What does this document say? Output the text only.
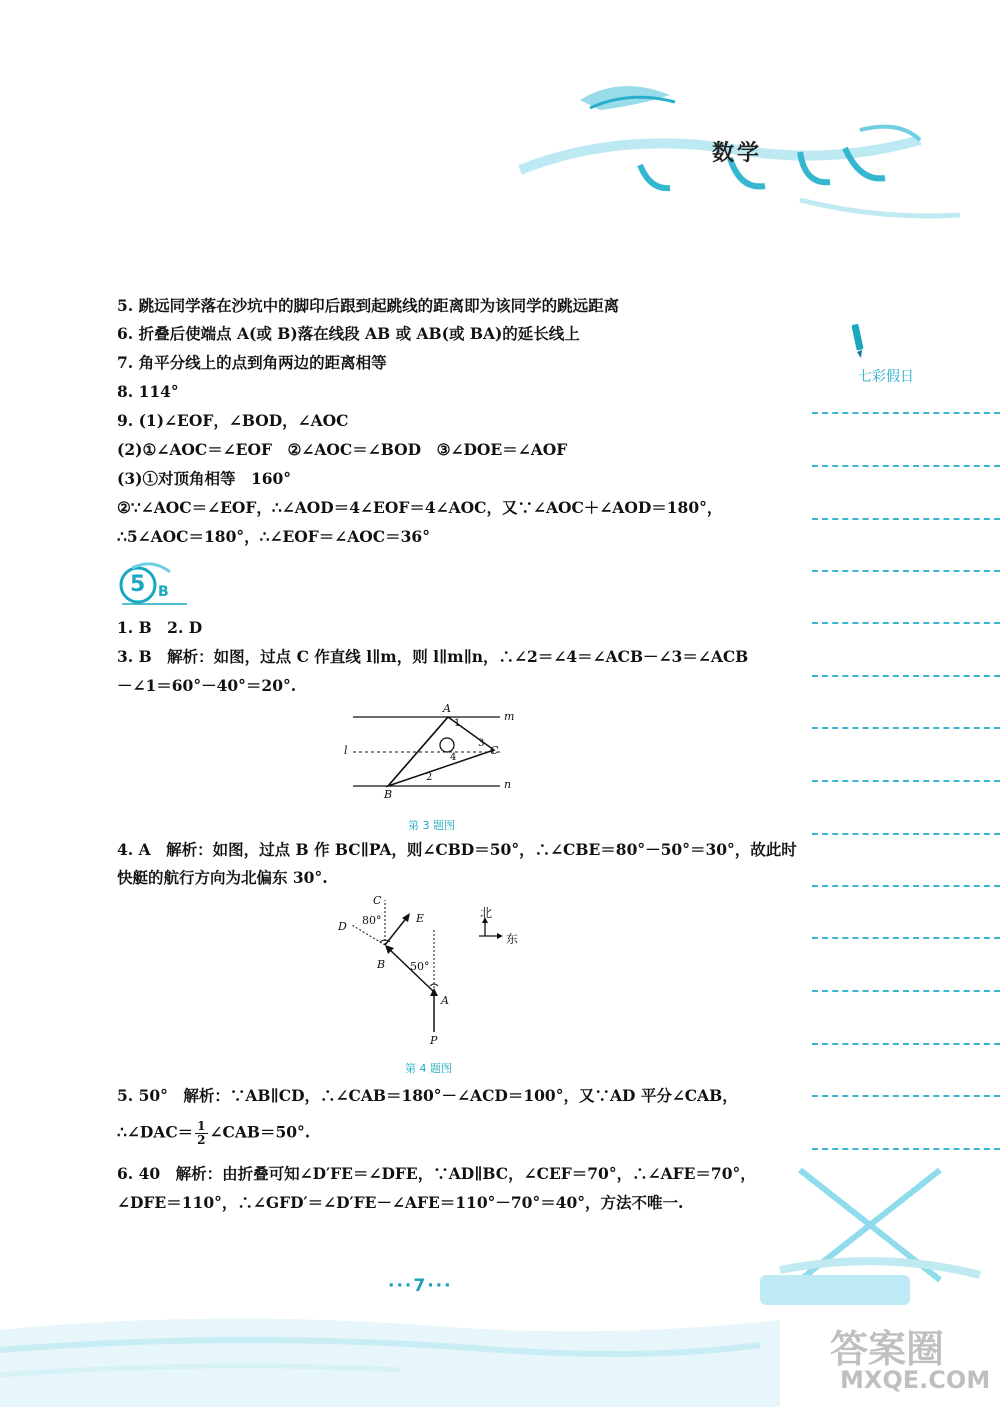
数学
七彩假日
5. 跳远同学落在沙坑中的脚印后跟到起跳线的距离即为该同学的跳远距离
6. 折叠后使端点 A(或 B)落在线段 AB 或 AB(或 BA)的延长线上
7. 角平分线上的点到角两边的距离相等
8. 114°
9. (1)∠EOF，∠BOD，∠AOC
(2)①∠AOC＝∠EOF　②∠AOC＝∠BOD　③∠DOE＝∠AOF
(3)①对顶角相等　160°
②∵∠AOC＝∠EOF，∴∠AOD＝4∠EOF＝4∠AOC，又∵∠AOC＋∠AOD＝180°，
∴5∠AOC＝180°，∴∠EOF＝∠AOC＝36°
5 B
1. B　2. D
3. B　解析：如图，过点 C 作直线 l∥m，则 l∥m∥n，∴∠2＝∠4＝∠ACB－∠3＝∠ACB
－∠1＝60°－40°＝20°.
A
m
1
3
C
l
4
2
B
n
第 3 题图
4. A　解析：如图，过点 B 作 BC∥PA，则∠CBD＝50°，∴∠CBE＝80°－50°＝30°，故此时
快艇的航行方向为北偏东 30°.
C
80°
D
E
B 50°
A
P
北
东
第 4 题图
5. 50°　解析：∵AB∥CD，∴∠CAB＝180°－∠ACD＝100°，又∵AD 平分∠CAB，
∴∠DAC＝ $\frac{1}{2}$ ∠CAB＝50°.
6. 40　解析：由折叠可知∠D′FE＝∠DFE，∵AD∥BC，∠CEF＝70°，∴∠AFE＝70°，
∠DFE＝110°，∴∠GFD′＝∠D′FE－∠AFE＝110°－70°＝40°，方法不唯一.
···7···
答案圈
MXQE.COM
